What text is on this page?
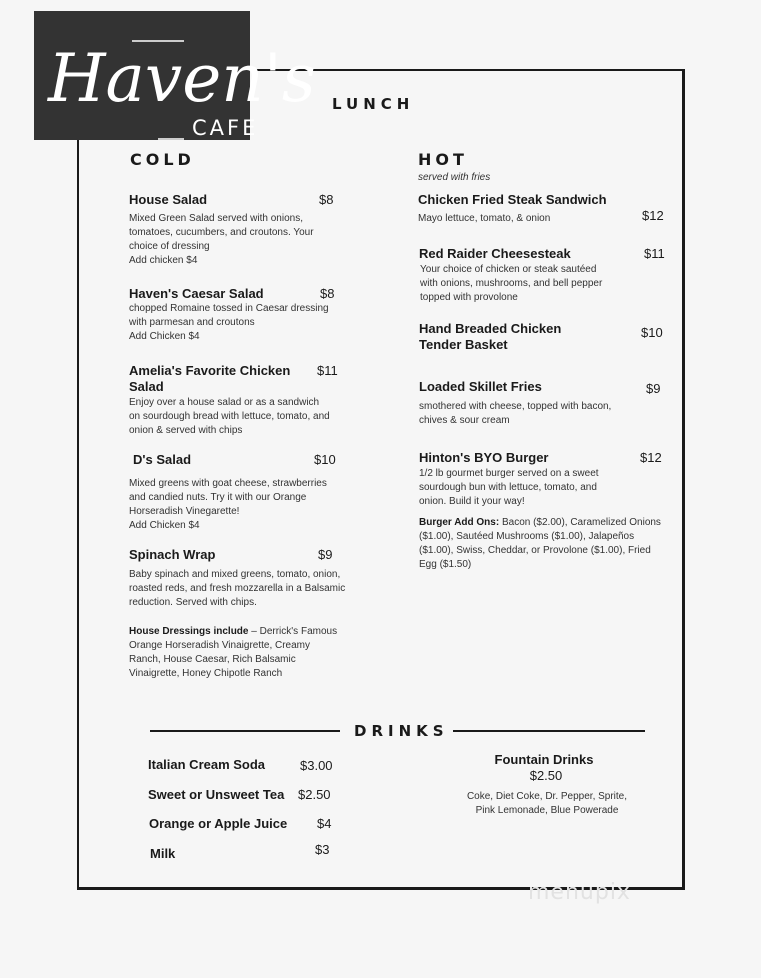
Haven's
CAFE
LUNCH
COLD
House Salad	$8
Mixed Green Salad served with onions,
tomatoes, cucumbers, and croutons. Your
choice of dressing
Add chicken $4
Haven's Caesar Salad	$8
chopped Romaine tossed in Caesar dressing
with parmesan and croutons
Add Chicken $4
Amelia's Favorite Chicken
Salad
$11
Enjoy over a house salad or as a sandwich
on sourdough bread with lettuce, tomato, and
onion & served with chips
D's Salad	$10
Mixed greens with goat cheese, strawberries
and candied nuts. Try it with our Orange
Horseradish Vinegarette!
Add Chicken $4
Spinach Wrap	$9
Baby spinach and mixed greens, tomato, onion,
roasted reds, and fresh mozzarella in a Balsamic
reduction. Served with chips.
House Dressings include – Derrick's Famous
Orange Horseradish Vinaigrette, Creamy
Ranch, House Caesar, Rich Balsamic
Vinaigrette, Honey Chipotle Ranch
HOT
served with fries
Chicken Fried Steak Sandwich
$12
Mayo lettuce, tomato, & onion
Red Raider Cheesesteak	$11
Your choice of chicken or steak sautéed
with onions, mushrooms, and bell pepper
topped with provolone
Hand Breaded Chicken
Tender Basket
$10
Loaded Skillet Fries	$9
smothered with cheese, topped with bacon,
chives & sour cream
Hinton's BYO Burger	$12
1/2 lb gourmet burger served on a sweet
sourdough bun with lettuce, tomato, and
onion. Build it your way!
Burger Add Ons: Bacon ($2.00), Caramelized Onions
($1.00), Sautéed Mushrooms ($1.00), Jalapeños
($1.00), Swiss, Cheddar, or Provolone ($1.00), Fried
Egg ($1.50)
DRINKS
Italian Cream Soda	$3.00
Sweet or Unsweet Tea $2.50
Orange or Apple Juice $4
Milk	$3
Fountain Drinks
$2.50
Coke, Diet Coke, Dr. Pepper, Sprite,
Pink Lemonade, Blue Powerade
menupix
